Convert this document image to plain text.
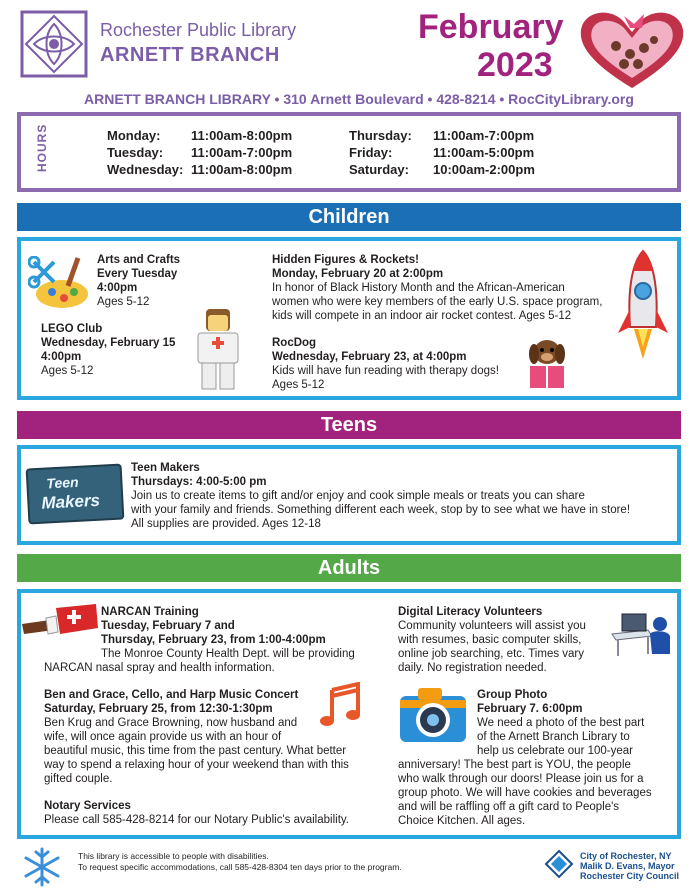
Rochester Public Library
ARNETT BRANCH
February
2023
ARNETT BRANCH LIBRARY • 310 Arnett Boulevard • 428-8214 • RocCityLibrary.org
HOURS	Monday: 11:00am-8:00pm
Tuesday: 11:00am-7:00pm
Wednesday: 11:00am-8:00pm
Thursday: 11:00am-7:00pm
Friday:	11:00am-5:00pm
Saturday: 10:00am-2:00pm
Children
Arts and Crafts
Every Tuesday
4:00pm
Ages 5-12
LEGO Club
Wednesday, February 15
4:00pm
Ages 5-12
Hidden Figures & Rockets!
Monday, February 20 at 2:00pm
In honor of Black History Month and the African-American
women who were key members of the early U.S. space program,
kids will compete in an indoor air rocket contest. Ages 5-12
RocDog
Wednesday, February 23, at 4:00pm
Kids will have fun reading with therapy dogs!
Ages 5-12
Teens
Teen
Makers
Teen Makers
Thursdays: 4:00-5:00 pm
Join us to create items to gift and/or enjoy and cook simple meals or treats you can share
with your family and friends. Something different each week, stop by to see what we have in store!
All supplies are provided. Ages 12-18
Adults
NARCAN Training
Tuesday, February 7 and
Thursday, February 23, from 1:00-4:00pm
The Monroe County Health Dept. will be providing
NARCAN nasal spray and health information.
Ben and Grace, Cello, and Harp Music Concert
Saturday, February 25, from 12:30-1:30pm
Ben Krug and Grace Browning, now husband and
wife, will once again provide us with an hour of
beautiful music, this time from the past century. What better
way to spend a relaxing hour of your weekend than with this
gifted couple.
Notary Services
Please call 585-428-8214 for our Notary Public's availability.
Digital Literacy Volunteers
Community volunteers will assist you
with resumes, basic computer skills,
online job searching, etc. Times vary
daily. No registration needed.
Group Photo
February 7. 6:00pm
We need a photo of the best part
of the Arnett Branch Library to
help us celebrate our 100-year
anniversary! The best part is YOU, the people
who walk through our doors! Please join us for a
group photo. We will have cookies and beverages
and will be raffling off a gift card to People's
Choice Kitchen. All ages.
This library is accessible to people with disabilities.
To request specific accommodations, call 585-428-8304 ten days prior to the program.
City of Rochester, NY
Malik D. Evans, Mayor
Rochester City Council
